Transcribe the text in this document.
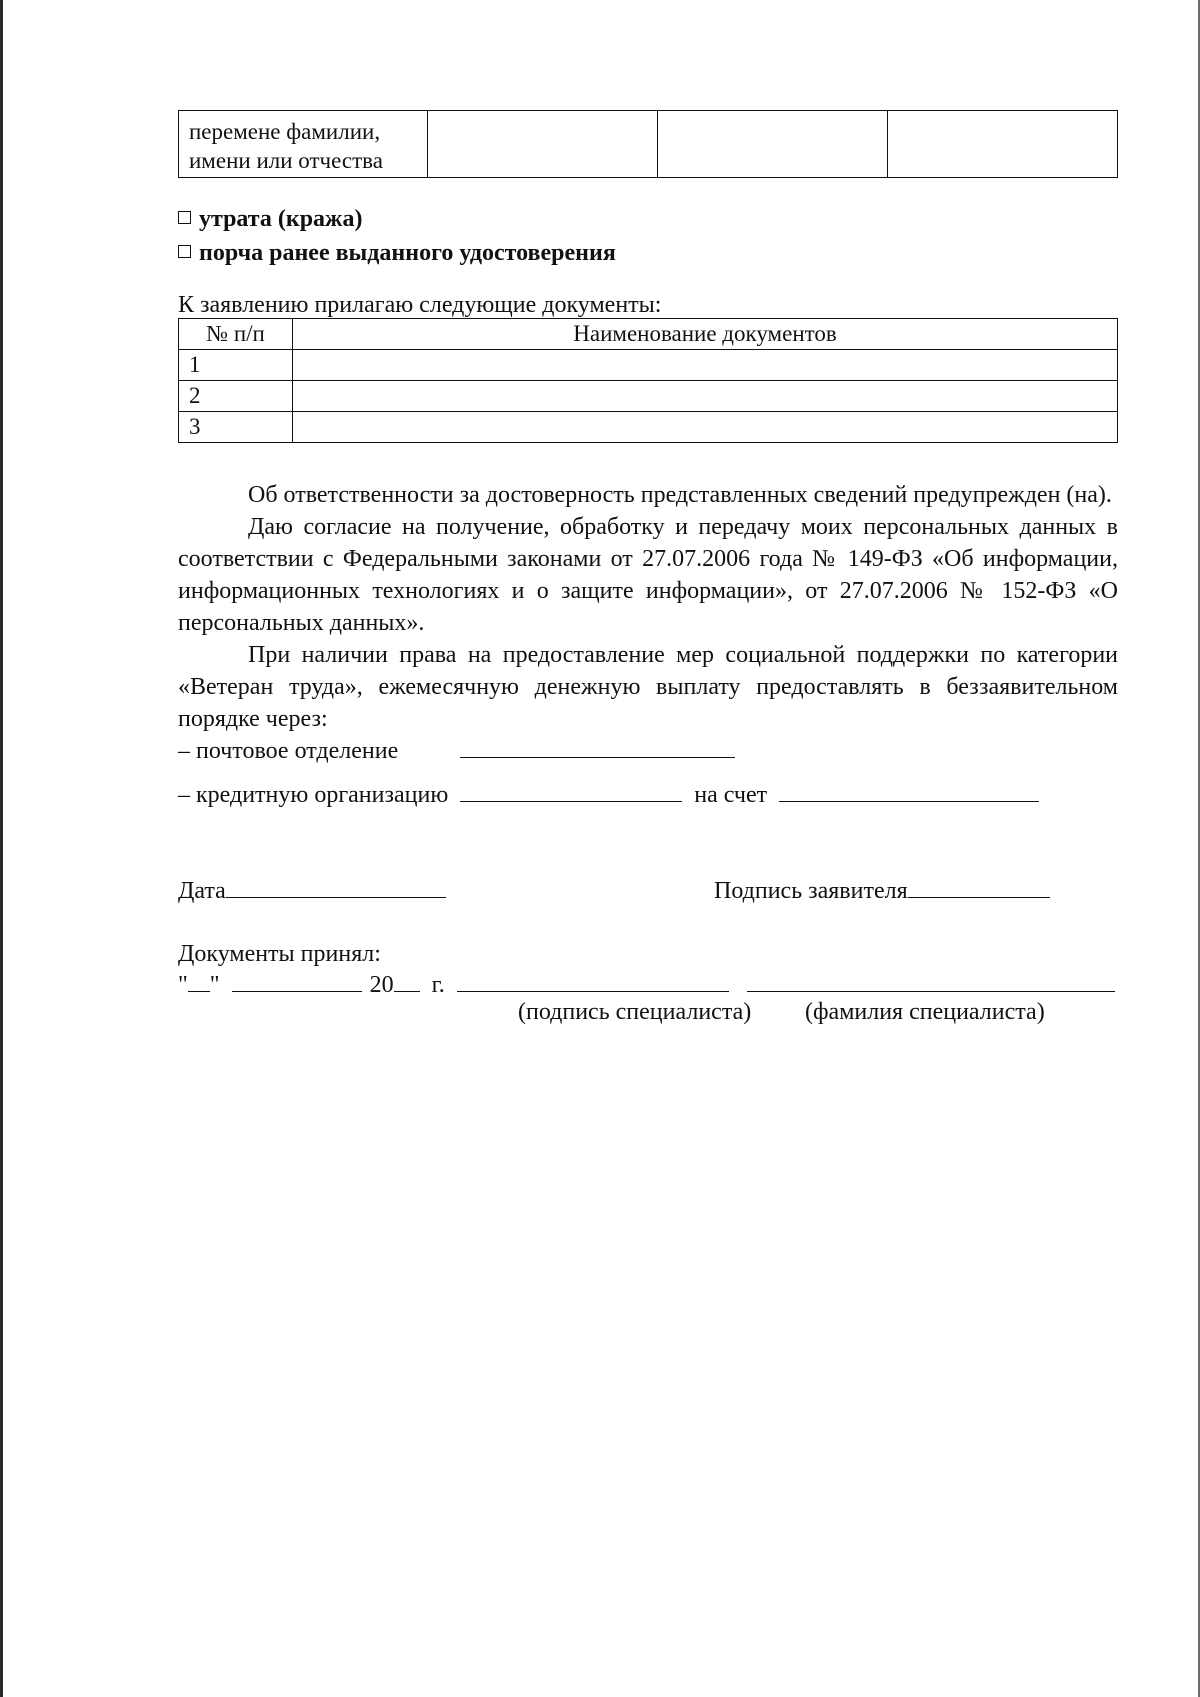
перемене фамилии,
имени или отчества

утрата (кража)
порча ранее выданного удостоверения
К заявлению прилагаю следующие документы:
№ п/п	Наименование документов
1	
2	
3	

Об ответственности за достоверность представленных сведений предупрежден (на).

Даю согласие на получение, обработку и передачу моих персональных данных в соответствии с Федеральными законами от 27.07.2006 года № 149-ФЗ «Об информации, информационных технологиях и о защите информации», от 27.07.2006 № 152-ФЗ «О персональных данных».

При наличии права на предоставление мер социальной поддержки по категории «Ветеран труда», ежемесячную денежную выплату предоставлять в беззаявительном порядке через:

– почтовое отделение
– кредитную организацию	на счет
Дата	Подпись заявителя
Документы принял:
" "	20 г.
(подпись специалиста) (фамилия специалиста)
